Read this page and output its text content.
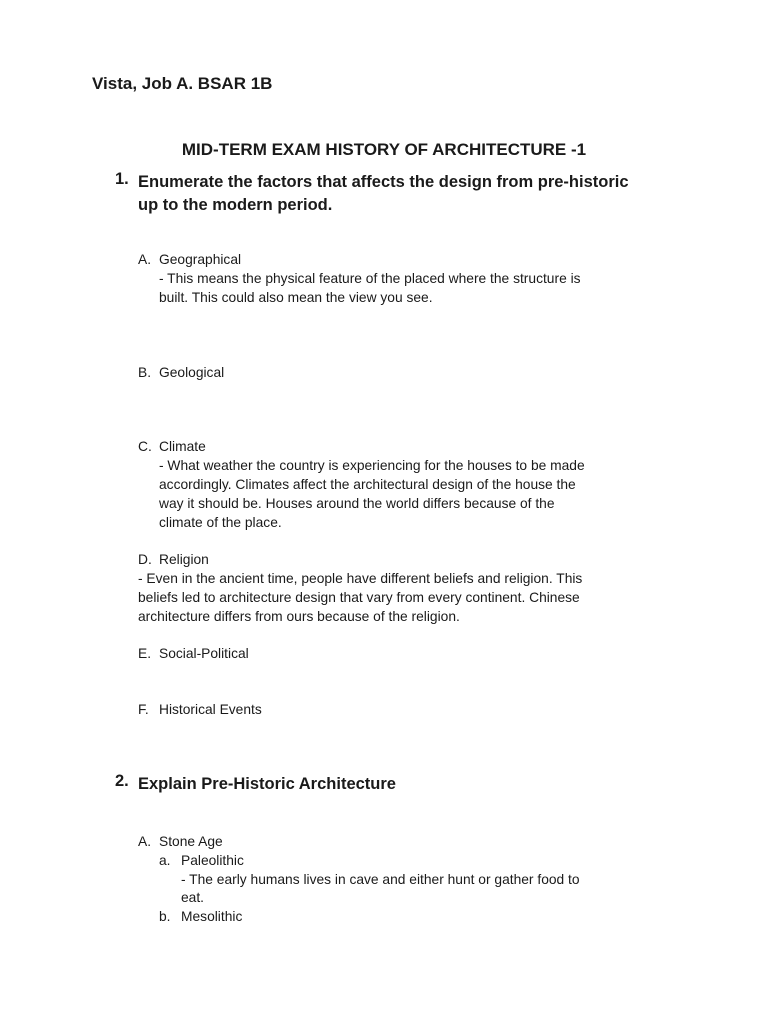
Vista, Job A. BSAR 1B

MID-TERM EXAM HISTORY OF ARCHITECTURE -1

1. Enumerate the factors that affects the design from pre-historic
up to the modern period.
A. Geographical
- This means the physical feature of the placed where the structure is
built. This could also mean the view you see.
B. Geological
C. Climate
- What weather the country is experiencing for the houses to be made
accordingly. Climates affect the architectural design of the house the
way it should be. Houses around the world differs because of the
climate of the place.
D. Religion
- Even in the ancient time, people have different beliefs and religion. This
beliefs led to architecture design that vary from every continent. Chinese
architecture differs from ours because of the religion.
E. Social-Political
F. Historical Events
2. Explain Pre-Historic Architecture
A. Stone Age
a. Paleolithic
- The early humans lives in cave and either hunt or gather food to
eat.
b. Mesolithic
